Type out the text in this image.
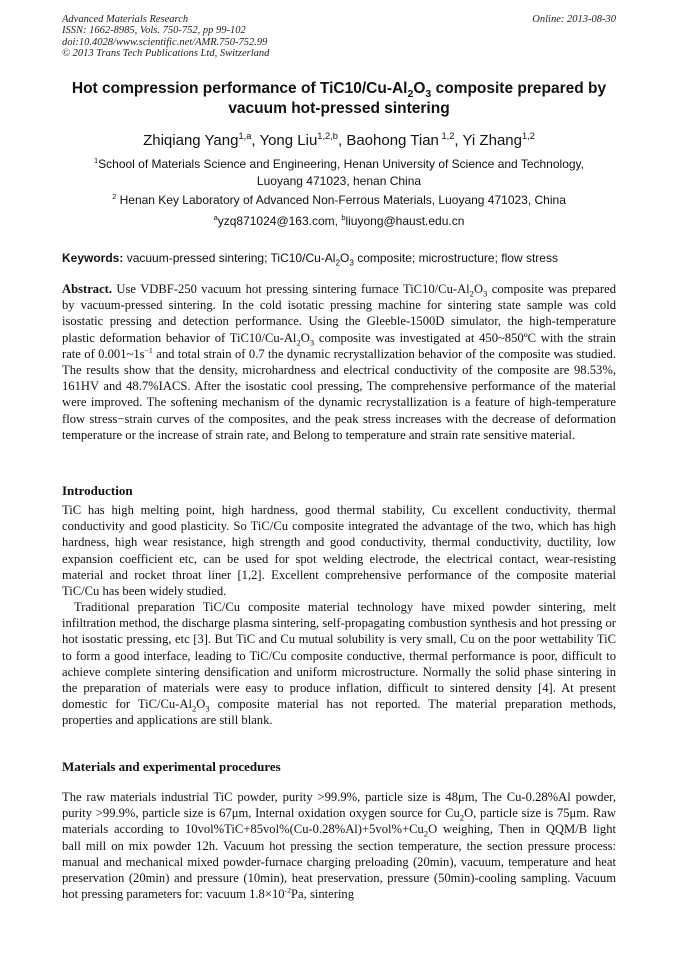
Advanced Materials Research
ISSN: 1662-8985, Vols. 750-752, pp 99-102
doi:10.4028/www.scientific.net/AMR.750-752.99
© 2013 Trans Tech Publications Ltd, Switzerland
Online: 2013-08-30
Hot compression performance of $TiC10/Cu-Al_2O_3$ composite prepared by
vacuum hot-pressed sintering
Zhiqiang Yang$^{1,a}$, Yong Liu$^{1,2,b}$, Baohong Tian $^{1,2}$, Yi Zhang$^{1,2}$
$^1$School of Materials Science and Engineering, Henan University of Science and Technology,
Luoyang 471023, henan China
$^2$ Henan Key Laboratory of Advanced Non-Ferrous Materials, Luoyang 471023, China
$^a$yzq871024@163.com, $^b$liuyong@haust.edu.cn
Keywords: vacuum-pressed sintering; $TiC10/Cu-Al_2O_3$ composite; microstructure; flow stress
Abstract. Use VDBF-250 vacuum hot pressing sintering furnace $TiC10/Cu-Al_2O_3$ composite was prepared by vacuum-pressed sintering. In the cold isotatic pressing machine for sintering state sample was cold isostatic pressing and detection performance. Using the Gleeble-1500D simulator, the high-temperature plastic deformation behavior of $TiC10/Cu-Al_2O_3$ composite was investigated at 450~850ºC with the strain rate of $0.001\sim 1s^{-1}$ and total strain of 0.7 the dynamic recrystallization behavior of the composite was studied. The results show that the density, microhardness and electrical conductivity of the composite are 98.53%, 161HV and 48.7%IACS. After the isostatic cool pressing, The comprehensive performance of the material were improved. The softening mechanism of the dynamic recrystallization is a feature of high-temperature flow stress−strain curves of the composites, and the peak stress increases with the decrease of deformation temperature or the increase of strain rate, and Belong to temperature and strain rate sensitive material.
Introduction
TiC has high melting point, high hardness, good thermal stability, Cu excellent conductivity, thermal conductivity and good plasticity. So TiC/Cu composite integrated the advantage of the two, which has high hardness, high wear resistance, high strength and good conductivity, thermal conductivity, ductility, low expansion coefficient etc, can be used for spot welding electrode, the electrical contact, wear-resisting material and rocket throat liner [1,2]. Excellent comprehensive performance of the composite material TiC/Cu has been widely studied.
Traditional preparation TiC/Cu composite material technology have mixed powder sintering, melt infiltration method, the discharge plasma sintering, self-propagating combustion synthesis and hot pressing or hot isostatic pressing, etc [3]. But TiC and Cu mutual solubility is very small, Cu on the poor wettability TiC to form a good interface, leading to TiC/Cu composite conductive, thermal performance is poor, difficult to achieve complete sintering densification and uniform microstructure. Normally the solid phase sintering in the preparation of materials were easy to produce inflation, difficult to sintered density [4]. At present domestic for TiC/$Cu-Al_2O_3$ composite material has not reported. The material preparation methods, properties and applications are still blank.
Materials and experimental procedures
The raw materials industrial TiC powder, purity >99.9%, particle size is 48μm, The Cu-0.28%Al powder, purity >99.9%, particle size is 67μm, Internal oxidation oxygen source for $Cu_2O$, particle size is 75μm. Raw materials according to $10vol\%TiC+85vol\%(Cu-0.28\%Al)+5vol\%+Cu_2O$ weighing, Then in QQM/B light ball mill on mix powder 12h. Vacuum hot pressing the section temperature, the section pressure process: manual and mechanical mixed powder-furnace charging preloading (20min), vacuum, temperature and heat preservation (20min) and pressure (10min), heat preservation, pressure (50min)-cooling sampling. Vacuum hot pressing parameters for: vacuum $1.8\times 10^{-2}Pa$, sintering
